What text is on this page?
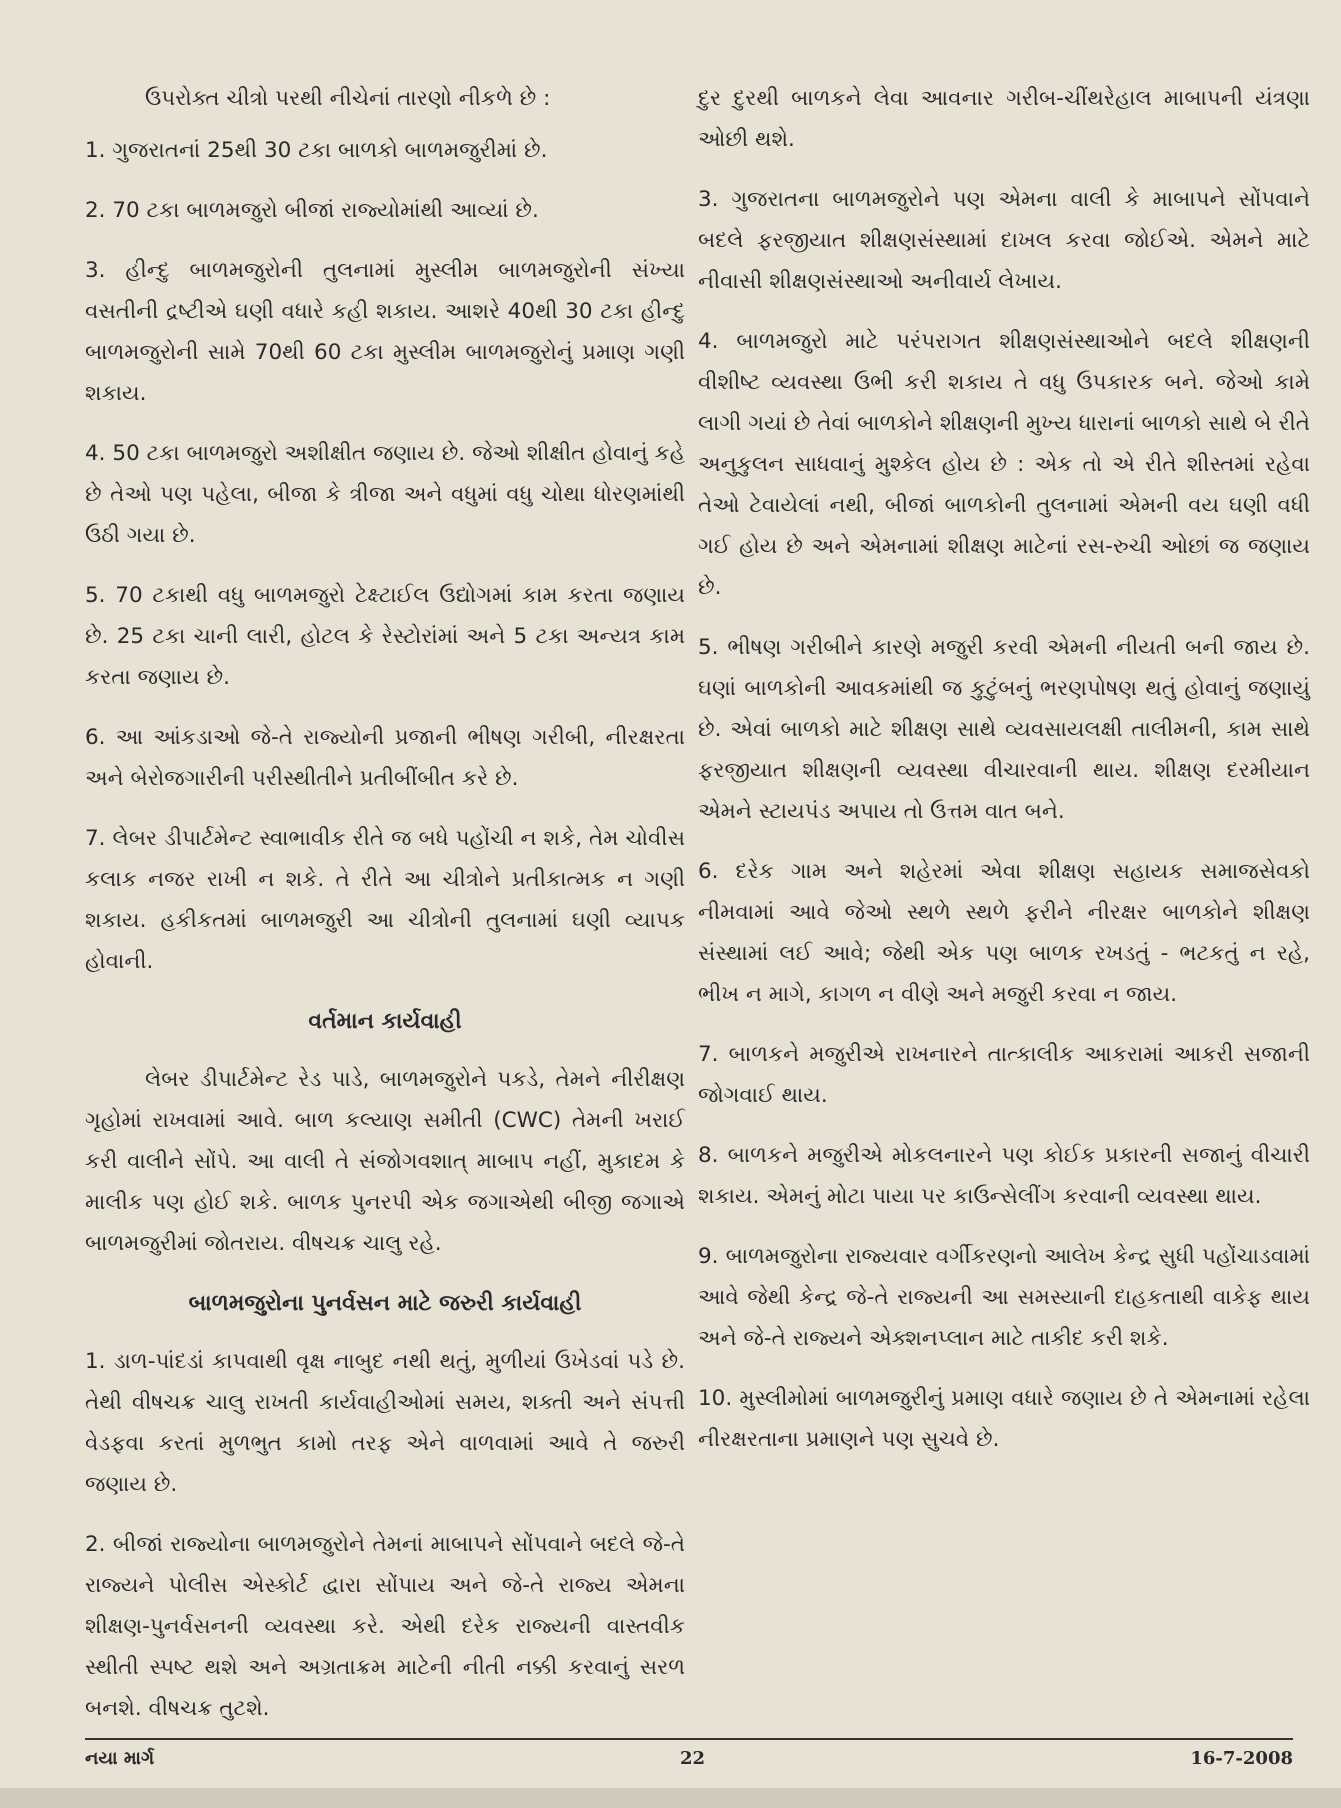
ઉપરોક્ત ચીત્રો પરથી નીચેનાં તારણો નીકળે છે :

1. ગુજરાતનાં 25થી 30 ટકા બાળકો બાળમજુરીમાં છે.

2. 70 ટકા બાળમજુરો બીજાં રાજ્યોમાંથી આવ્યાં છે.

3. હીન્દુ બાળમજુરોની તુલનામાં મુસ્લીમ બાળમજુરોની સંખ્યા વસતીની દ્રષ્ટીએ ઘણી વધારે કહી શકાય. આશરે 40થી 30 ટકા હીન્દુ બાળમજુરોની સામે 70થી 60 ટકા મુસ્લીમ બાળમજુરોનું પ્રમાણ ગણી શકાય.

4. 50 ટકા બાળમજુરો અશીક્ષીત જણાય છે. જેઓ શીક્ષીત હોવાનું કહે છે તેઓ પણ પહેલા, બીજા કે ત્રીજા અને વધુમાં વધુ ચોથા ધોરણમાંથી ઉઠી ગયા છે.

5. 70 ટકાથી વધુ બાળમજુરો ટેક્ષ્ટાઈલ ઉદ્યોગમાં કામ કરતા જણાય છે. 25 ટકા ચાની લારી, હોટલ કે રેસ્ટોરાંમાં અને 5 ટકા અન્યત્ર કામ કરતા જણાય છે.

6. આ આંકડાઓ જે-તે રાજ્યોની પ્રજાની ભીષણ ગરીબી, નીરક્ષરતા અને બેરોજગારીની પરીસ્થીતીને પ્રતીબીંબીત કરે છે.

7. લેબર ડીપાર્ટમેન્ટ સ્વાભાવીક રીતે જ બધે પહોંચી ન શકે, તેમ ચોવીસ કલાક નજર રાખી ન શકે. તે રીતે આ ચીત્રોને પ્રતીકાત્મક ન ગણી શકાય. હકીકતમાં બાળમજુરી આ ચીત્રોની તુલનામાં ઘણી વ્યાપક હોવાની.

વર્તમાન કાર્યવાહી

લેબર ડીપાર્ટમેન્ટ રેડ પાડે, બાળમજુરોને પકડે, તેમને નીરીક્ષણ ગૃહોમાં રાખવામાં આવે. બાળ કલ્યાણ સમીતી (CWC) તેમની ખરાઈ કરી વાલીને સોંપે. આ વાલી તે સંજોગવશાત્ માબાપ નહીં, મુકાદમ કે માલીક પણ હોઈ શકે. બાળક પુનરપી એક જગાએથી બીજી જગાએ બાળમજુરીમાં જોતરાય. વીષચક્ર ચાલુ રહે.

બાળમજુરોના પુનર્વસન માટે જરુરી કાર્યવાહી

1. ડાળ-પાંદડાં કાપવાથી વૃક્ષ નાબુદ નથી થતું, મુળીયાં ઉખેડવાં પડે છે. તેથી વીષચક્ર ચાલુ રાખતી કાર્યવાહીઓમાં સમય, શક્તી અને સંપત્તી વેડફવા કરતાં મુળભુત કામો તરફ એને વાળવામાં આવે તે જરુરી જણાય છે.

2. બીજાં રાજ્યોના બાળમજુરોને તેમનાં માબાપને સોંપવાને બદલે જે-તે રાજ્યને પોલીસ એસ્કોર્ટ દ્વારા સોંપાય અને જે-તે રાજ્ય એમના શીક્ષણ-પુનર્વસનની વ્યવસ્થા કરે. એથી દરેક રાજ્યની વાસ્તવીક સ્થીતી સ્પષ્ટ થશે અને અગ્રતાક્રમ માટેની નીતી નક્કી કરવાનું સરળ બનશે. વીષચક્ર તુટશે.

દુર દુરથી બાળકને લેવા આવનાર ગરીબ-ચીંથરેહાલ માબાપની યંત્રણા ઓછી થશે.

3. ગુજરાતના બાળમજુરોને પણ એમના વાલી કે માબાપને સોંપવાને બદલે ફરજીયાત શીક્ષણસંસ્થામાં દાખલ કરવા જોઈએ. એમને માટે નીવાસી શીક્ષણસંસ્થાઓ અનીવાર્ય લેખાય.

4. બાળમજુરો માટે પરંપરાગત શીક્ષણસંસ્થાઓને બદલે શીક્ષણની વીશીષ્ટ વ્યવસ્થા ઉભી કરી શકાય તે વધુ ઉપકારક બને. જેઓ કામે લાગી ગયાં છે તેવાં બાળકોને શીક્ષણની મુખ્ય ધારાનાં બાળકો સાથે બે રીતે અનુકુલન સાધવાનું મુશ્કેલ હોય છે : એક તો એ રીતે શીસ્તમાં રહેવા તેઓ ટેવાયેલાં નથી, બીજાં બાળકોની તુલનામાં એમની વય ઘણી વધી ગઈ હોય છે અને એમનામાં શીક્ષણ માટેનાં રસ-રુચી ઓછાં જ જણાય છે.

5. ભીષણ ગરીબીને કારણે મજુરી કરવી એમની નીયતી બની જાય છે. ઘણાં બાળકોની આવકમાંથી જ કુટુંબનું ભરણપોષણ થતું હોવાનું જણાયું છે. એવાં બાળકો માટે શીક્ષણ સાથે વ્યવસાયલક્ષી તાલીમની, કામ સાથે ફરજીયાત શીક્ષણની વ્યવસ્થા વીચારવાની થાય. શીક્ષણ દરમીયાન એમને સ્ટાયપંડ અપાય તો ઉત્તમ વાત બને.

6. દરેક ગામ અને શહેરમાં એવા શીક્ષણ સહાયક સમાજસેવકો નીમવામાં આવે જેઓ સ્થળે સ્થળે ફરીને નીરક્ષર બાળકોને શીક્ષણ સંસ્થામાં લઈ આવે; જેથી એક પણ બાળક રખડતું - ભટકતું ન રહે, ભીખ ન માગે, કાગળ ન વીણે અને મજુરી કરવા ન જાય.

7. બાળકને મજુરીએ રાખનારને તાત્કાલીક આકરામાં આકરી સજાની જોગવાઈ થાય.

8. બાળકને મજુરીએ મોકલનારને પણ કોઈક પ્રકારની સજાનું વીચારી શકાય. એમનું મોટા પાયા પર કાઉન્સેલીંગ કરવાની વ્યવસ્થા થાય.

9. બાળમજુરોના રાજ્યવાર વર્ગીકરણનો આલેખ કેન્દ્ર સુધી પહોંચાડવામાં આવે જેથી કેન્દ્ર જે-તે રાજ્યની આ સમસ્યાની દાહકતાથી વાકેફ થાય અને જે-તે રાજ્યને એક્શનપ્લાન માટે તાકીદ કરી શકે.

10. મુસ્લીમોમાં બાળમજુરીનું પ્રમાણ વધારે જણાય છે તે એમનામાં રહેલા નીરક્ષરતાના પ્રમાણને પણ સુચવે છે.

નયા માર્ગ	22	16-7-2008
